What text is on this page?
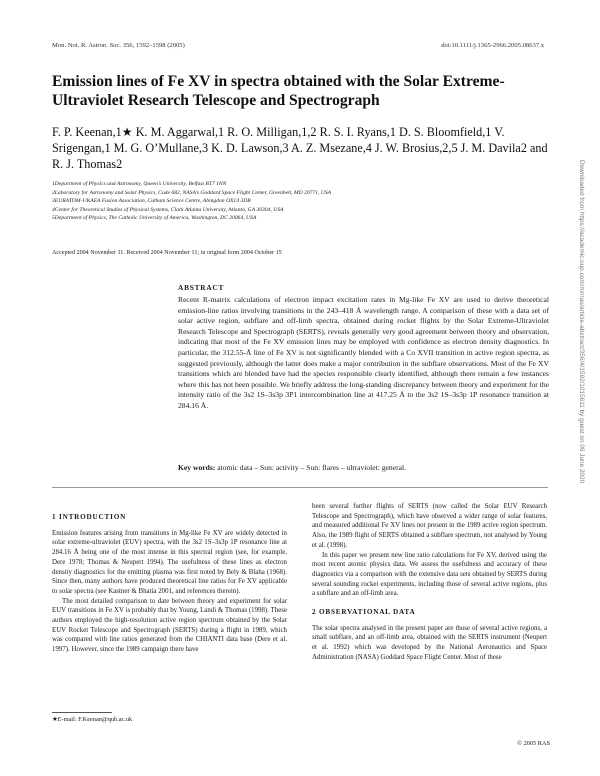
Mon. Not. R. Astron. Soc. 356, 1592–1598 (2005)	doi:10.1111/j.1365-2966.2005.08637.x
Emission lines of Fe XV in spectra obtained with the Solar Extreme-Ultraviolet Research Telescope and Spectrograph
F. P. Keenan,1★ K. M. Aggarwal,1 R. O. Milligan,1,2 R. S. I. Ryans,1 D. S. Bloomfield,1 V. Srigengan,1 M. G. O’Mullane,3 K. D. Lawson,3 A. Z. Msezane,4 J. W. Brosius,2,5 J. M. Davila2 and R. J. Thomas2
1Department of Physics and Astronomy, Queen’s University, Belfast BT7 1NN
2Laboratory for Astronomy and Solar Physics, Code 682, NASA’s Goddard Space Flight Center, Greenbelt, MD 20771, USA
3EURATOM-UKAEA Fusion Association, Culham Science Centre, Abingdon OX14 3DB
4Center for Theoretical Studies of Physical Systems, Clark Atlanta University, Atlanta, GA 30304, USA
5Department of Physics, The Catholic University of America, Washington, DC 20064, USA
Accepted 2004 November 11. Received 2004 November 11; in original form 2004 October 15
ABSTRACT
Recent R-matrix calculations of electron impact excitation rates in Mg-like Fe XV are used to derive theoretical emission-line ratios involving transitions in the 243–418 Å wavelength range. A comparison of these with a data set of solar active region, subflare and off-limb spectra, obtained during rocket flights by the Solar Extreme-Ultraviolet Research Telescope and Spectrograph (SERTS), reveals generally very good agreement between theory and observation, indicating that most of the Fe XV emission lines may be employed with confidence as electron density diagnostics. In particular, the 312.55-Å line of Fe XV is not significantly blended with a Co XVII transition in active region spectra, as suggested previously, although the latter does make a major contribution in the subflare observations. Most of the Fe XV transitions which are blended have had the species responsible clearly identified, although there remain a few instances where this has not been possible. We briefly address the long-standing discrepancy between theory and experiment for the intensity ratio of the 3s2 1S–3s3p 3P1 intercombination line at 417.25 Å to the 3s2 1S–3s3p 1P resonance transition at 284.16 Å.
Key words: atomic data – Sun: activity – Sun: flares – ultraviolet: general.
1 INTRODUCTION

Emission features arising from transitions in Mg-like Fe XV are widely detected in solar extreme-ultraviolet (EUV) spectra, with the 3s2 1S–3s3p 1P resonance line at 284.16 Å being one of the most intense in this spectral region (see, for example, Dere 1978; Thomas & Neupert 1994). The usefulness of these lines as electron density diagnostics for the emitting plasma was first noted by Bely & Blaha (1968). Since then, many authors have produced theoretical line ratios for Fe XV applicable to solar spectra (see Kastner & Bhatia 2001, and references therein).

The most detailed comparison to date between theory and experiment for solar EUV transitions in Fe XV is probably that by Young, Landi & Thomas (1998). These authors employed the high-resolution active region spectrum obtained by the Solar EUV Rocket Telescope and Spectrograph (SERTS) during a flight in 1989, which was compared with line ratios generated from the CHIANTI data base (Dere et al. 1997). However, since the 1989 campaign there have

been several further flights of SERTS (now called the Solar EUV Research Telescope and Spectrograph), which have observed a wider range of solar features, and measured additional Fe XV lines not present in the 1989 active region spectrum. Also, the 1989 flight of SERTS obtained a subflare spectrum, not analysed by Young et al. (1998).

In this paper we present new line ratio calculations for Fe XV, derived using the most recent atomic physics data. We assess the usefulness and accuracy of these diagnostics via a comparison with the extensive data sets obtained by SERTS during several sounding rocket experiments, including those of several active regions, plus a subflare and an off-limb area.

2 OBSERVATIONAL DATA

The solar spectra analysed in the present paper are those of several active regions, a small subflare, and an off-limb area, obtained with the SERTS instrument (Neupert et al. 1992) which was developed by the National Aeronautics and Space Administration (NASA) Goddard Space Flight Center. Most of these

★E-mail: F.Keenan@qub.ac.uk
© 2005 RAS
Downloaded from https://academic.oup.com/mnras/article-abstract/356/4/1592/1015611 by guest on 06 June 2020
